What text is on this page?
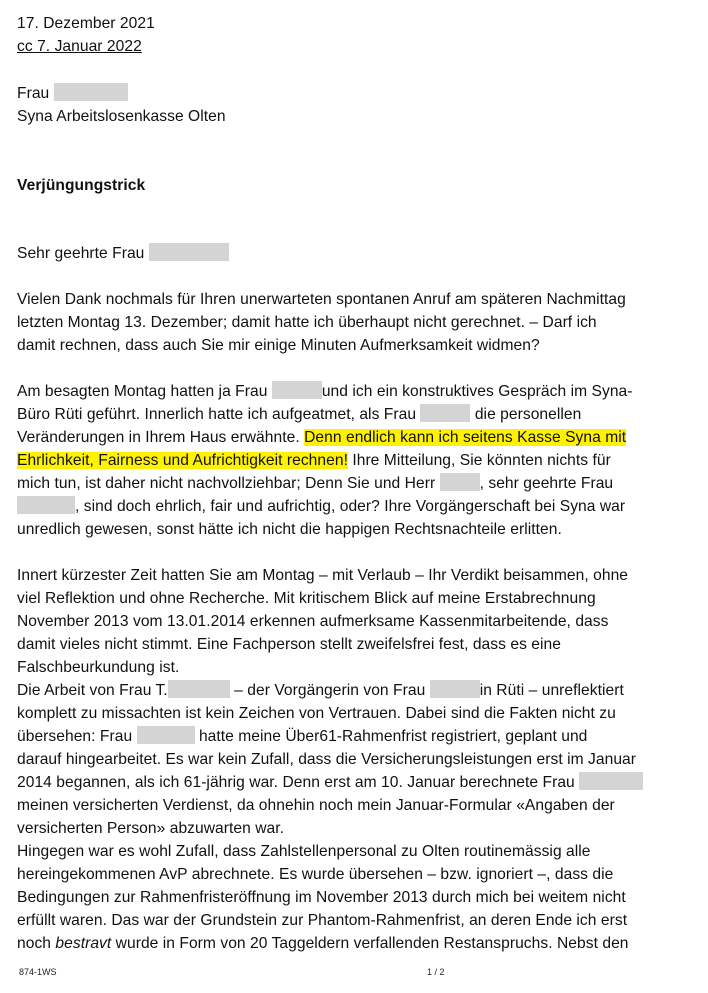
17. Dezember 2021
cc 7. Januar 2022
Frau
Syna Arbeitslosenkasse Olten
Verjüngungstrick
Sehr geehrte Frau
Vielen Dank nochmals für Ihren unerwarteten spontanen Anruf am späteren Nachmittag
letzten Montag 13. Dezember; damit hatte ich überhaupt nicht gerechnet. – Darf ich
damit rechnen, dass auch Sie mir einige Minuten Aufmerksamkeit widmen?
Am besagten Montag hatten ja Frau	und ich ein konstruktives Gespräch im Syna-
Büro Rüti geführt. Innerlich hatte ich aufgeatmet, als Frau	die personellen
Veränderungen in Ihrem Haus erwähnte. Denn endlich kann ich seitens Kasse Syna mit
Ehrlichkeit, Fairness und Aufrichtigkeit rechnen! Ihre Mitteilung, Sie könnten nichts für
mich tun, ist daher nicht nachvollziehbar; Denn Sie und Herr	, sehr geehrte Frau
, sind doch ehrlich, fair und aufrichtig, oder? Ihre Vorgängerschaft bei Syna war
unredlich gewesen, sonst hätte ich nicht die happigen Rechtsnachteile erlitten.
Innert kürzester Zeit hatten Sie am Montag – mit Verlaub – Ihr Verdikt beisammen, ohne
viel Reflektion und ohne Recherche. Mit kritischem Blick auf meine Erstabrechnung
November 2013 vom 13.01.2014 erkennen aufmerksame Kassenmitarbeitende, dass
damit vieles nicht stimmt. Eine Fachperson stellt zweifelsfrei fest, dass es eine
Falschbeurkundung ist.
Die Arbeit von Frau T.	– der Vorgängerin von Frau	in Rüti – unreflektiert
komplett zu missachten ist kein Zeichen von Vertrauen. Dabei sind die Fakten nicht zu
übersehen: Frau	hatte meine Über61-Rahmenfrist registriert, geplant und
darauf hingearbeitet. Es war kein Zufall, dass die Versicherungsleistungen erst im Januar
2014 begannen, als ich 61-jährig war. Denn erst am 10. Januar berechnete Frau
meinen versicherten Verdienst, da ohnehin noch mein Januar-Formular «Angaben der
versicherten Person» abzuwarten war.
Hingegen war es wohl Zufall, dass Zahlstellenpersonal zu Olten routinemässig alle
hereingekommenen AvP abrechnete. Es wurde übersehen – bzw. ignoriert –, dass die
Bedingungen zur Rahmenfristeröffnung im November 2013 durch mich bei weitem nicht
erfüllt waren. Das war der Grundstein zur Phantom-Rahmenfrist, an deren Ende ich erst
noch bestravt wurde in Form von 20 Taggeldern verfallenden Restanspruchs. Nebst den
874-1WS	1 / 2
